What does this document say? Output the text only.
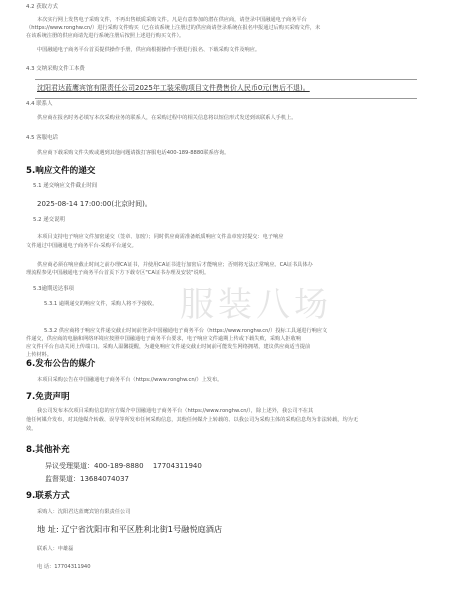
4.2 获取方式
本次实行网上发售电子采购文件，不再出售纸质采购文件。凡是有意参加的潜在供应商，请登录中国融通电子商务平台
（https://www.ronghw.cn/）进行采购文件购买（已在该系统上注册过的供应商请登录系统在报名申报通过后购买采购文件，未
在该系统注册的供应商请先进行系统注册后按照上述进行购买文件）。
中国融通电子商务平台首页提供操作手册，供应商根据操作手册进行报名、下载采购文件及响应。
4.3 交纳采购文件工本费
沈阳君达蓝鹰宾馆有限责任公司2025年工装采购项目文件费售价人民币0元(售后不退)。
4.4 联系人
供应商在报名时务必填写本次采购业务的联系人，在采购过程中的相关信息将以短信形式发送到该联系人手机上。
4.5 客服电话
供应商下载采购文件失败或遇到其他问题请拨打客服电话400-189-8880联系咨询。
5.响应文件的递交
5.1 递交响应文件截止时间
2025-08-14 17:00:00(北京时间)。
5.2 递交说明
本项目支持电子响应文件加密递交（签章、加密）；同时供应商需准备纸质响应文件盖章密封提交：电子响应
文件通过中国融通电子商务平台-采购平台递交。
供应商必须在响应截止时间之前办理CA证书，并使用CA证书进行加密后才能响应；否则将无法正常响应。CA证书具体办
理流程参见中国融通电子商务平台首页下方下载专区"CA证书办理及安装"说明。
5.3逾期送达事项
5.3.1 逾期递交的响应文件，采购人将不予接收。
5.3.2 供应商将于响应文件递交截止时间前登录中国融通电子商务平台（https://www.ronghw.cn/）投标工具递进行响应文
件递交，供应商的电脑和网络环境应按照中国融通电子商务平台要求，电子响应文件逾期上传或下载失败，采购人拒收响
应文件(平台自动关闭上传端口)。采购人温馨提醒，为避免响应文件递交截止时间前可能发生网络拥堵，建议供应商适当提前
上传材料。
6.发布公告的媒介
本项目采购公告在中国融通电子商务平台（https://www.ronghw.cn/）上发布。
7.免责声明
我公司发布本次项目采购信息的官方媒介中国融通电子商务平台（https://www.ronghw.cn/），除上述外，我公司不在其
他任何媒介发布，对其他媒介转载、误导等所发布任何采购信息，其他任何媒介上转载的、以我公司为采购主体的采购信息均为非法转载，均为无
效。
8.其他补充
异议受理渠道：400-189-8880　 17704311940
监督渠道：13684074037
9.联系方式
采购人：沈阳君达蓝鹰宾馆有限责任公司
地 址: 辽宁省沈阳市和平区胜利北街1号融悦庭酒店
联系人：申雄磊
电 话：17704311940
服装八场
